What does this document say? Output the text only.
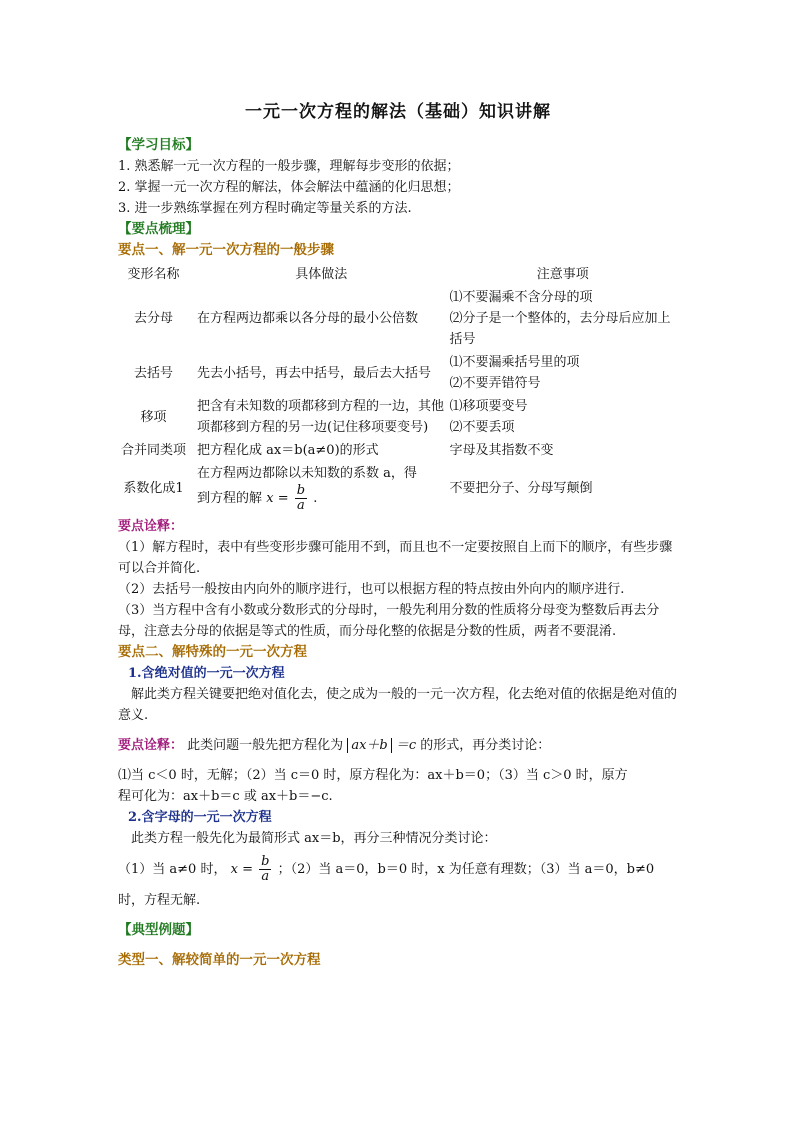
一元一次方程的解法（基础）知识讲解

【学习目标】

1. 熟悉解一元一次方程的一般步骤，理解每步变形的依据；

2. 掌握一元一次方程的解法，体会解法中蕴涵的化归思想；

3. 进一步熟练掌握在列方程时确定等量关系的方法.

【要点梳理】

要点一、解一元一次方程的一般步骤

变形名称	具体做法	注意事项
去分母	在方程两边都乘以各分母的最小公倍数	⑴不要漏乘不含分母的项
⑵分子是一个整体的，去分母后应加上括号

去括号	先去小括号，再去中括号，最后去大括号	⑴不要漏乘括号里的项
⑵不要弄错符号

移项	把含有未知数的项都移到方程的一边，其他项都移到方程的另一边(记住移项要变号)	⑴移项要变号
⑵不要丢项

合并同类项	把方程化成 ax＝b(a≠0)的形式	字母及其指数不变

系数化成1	在方程两边都除以未知数的系数 a，得
到方程的解 $x = \frac{b}{a}$ .	不要把分子、分母写颠倒

要点诠释：

（1）解方程时，表中有些变形步骤可能用不到，而且也不一定要按照自上而下的顺序，有些步骤可以合并简化.

（2）去括号一般按由内向外的顺序进行，也可以根据方程的特点按由外向内的顺序进行.

（3）当方程中含有小数或分数形式的分母时，一般先利用分数的性质将分母变为整数后再去分母，注意去分母的依据是等式的性质，而分母化整的依据是分数的性质，两者不要混淆.

要点二、解特殊的一元一次方程

1.含绝对值的一元一次方程

解此类方程关键要把绝对值化去，使之成为一般的一元一次方程，化去绝对值的依据是绝对值的意义.

要点诠释： 此类问题一般先把方程化为 ax＋b ＝c 的形式，再分类讨论：

⑴当 c＜0 时，无解；（2）当 c＝0 时，原方程化为：ax＋b＝0；（3）当 c＞0 时，原方

程可化为：ax＋b＝c 或 ax＋b＝−c.

2.含字母的一元一次方程

此类方程一般先化为最简形式 ax＝b，再分三种情况分类讨论：

（1）当 a≠0 时， $x = \frac{b}{a}$ ；（2）当 a＝0，b＝0 时，x 为任意有理数；（3）当 a＝0，b≠0

时，方程无解.

【典型例题】

类型一、解较简单的一元一次方程
